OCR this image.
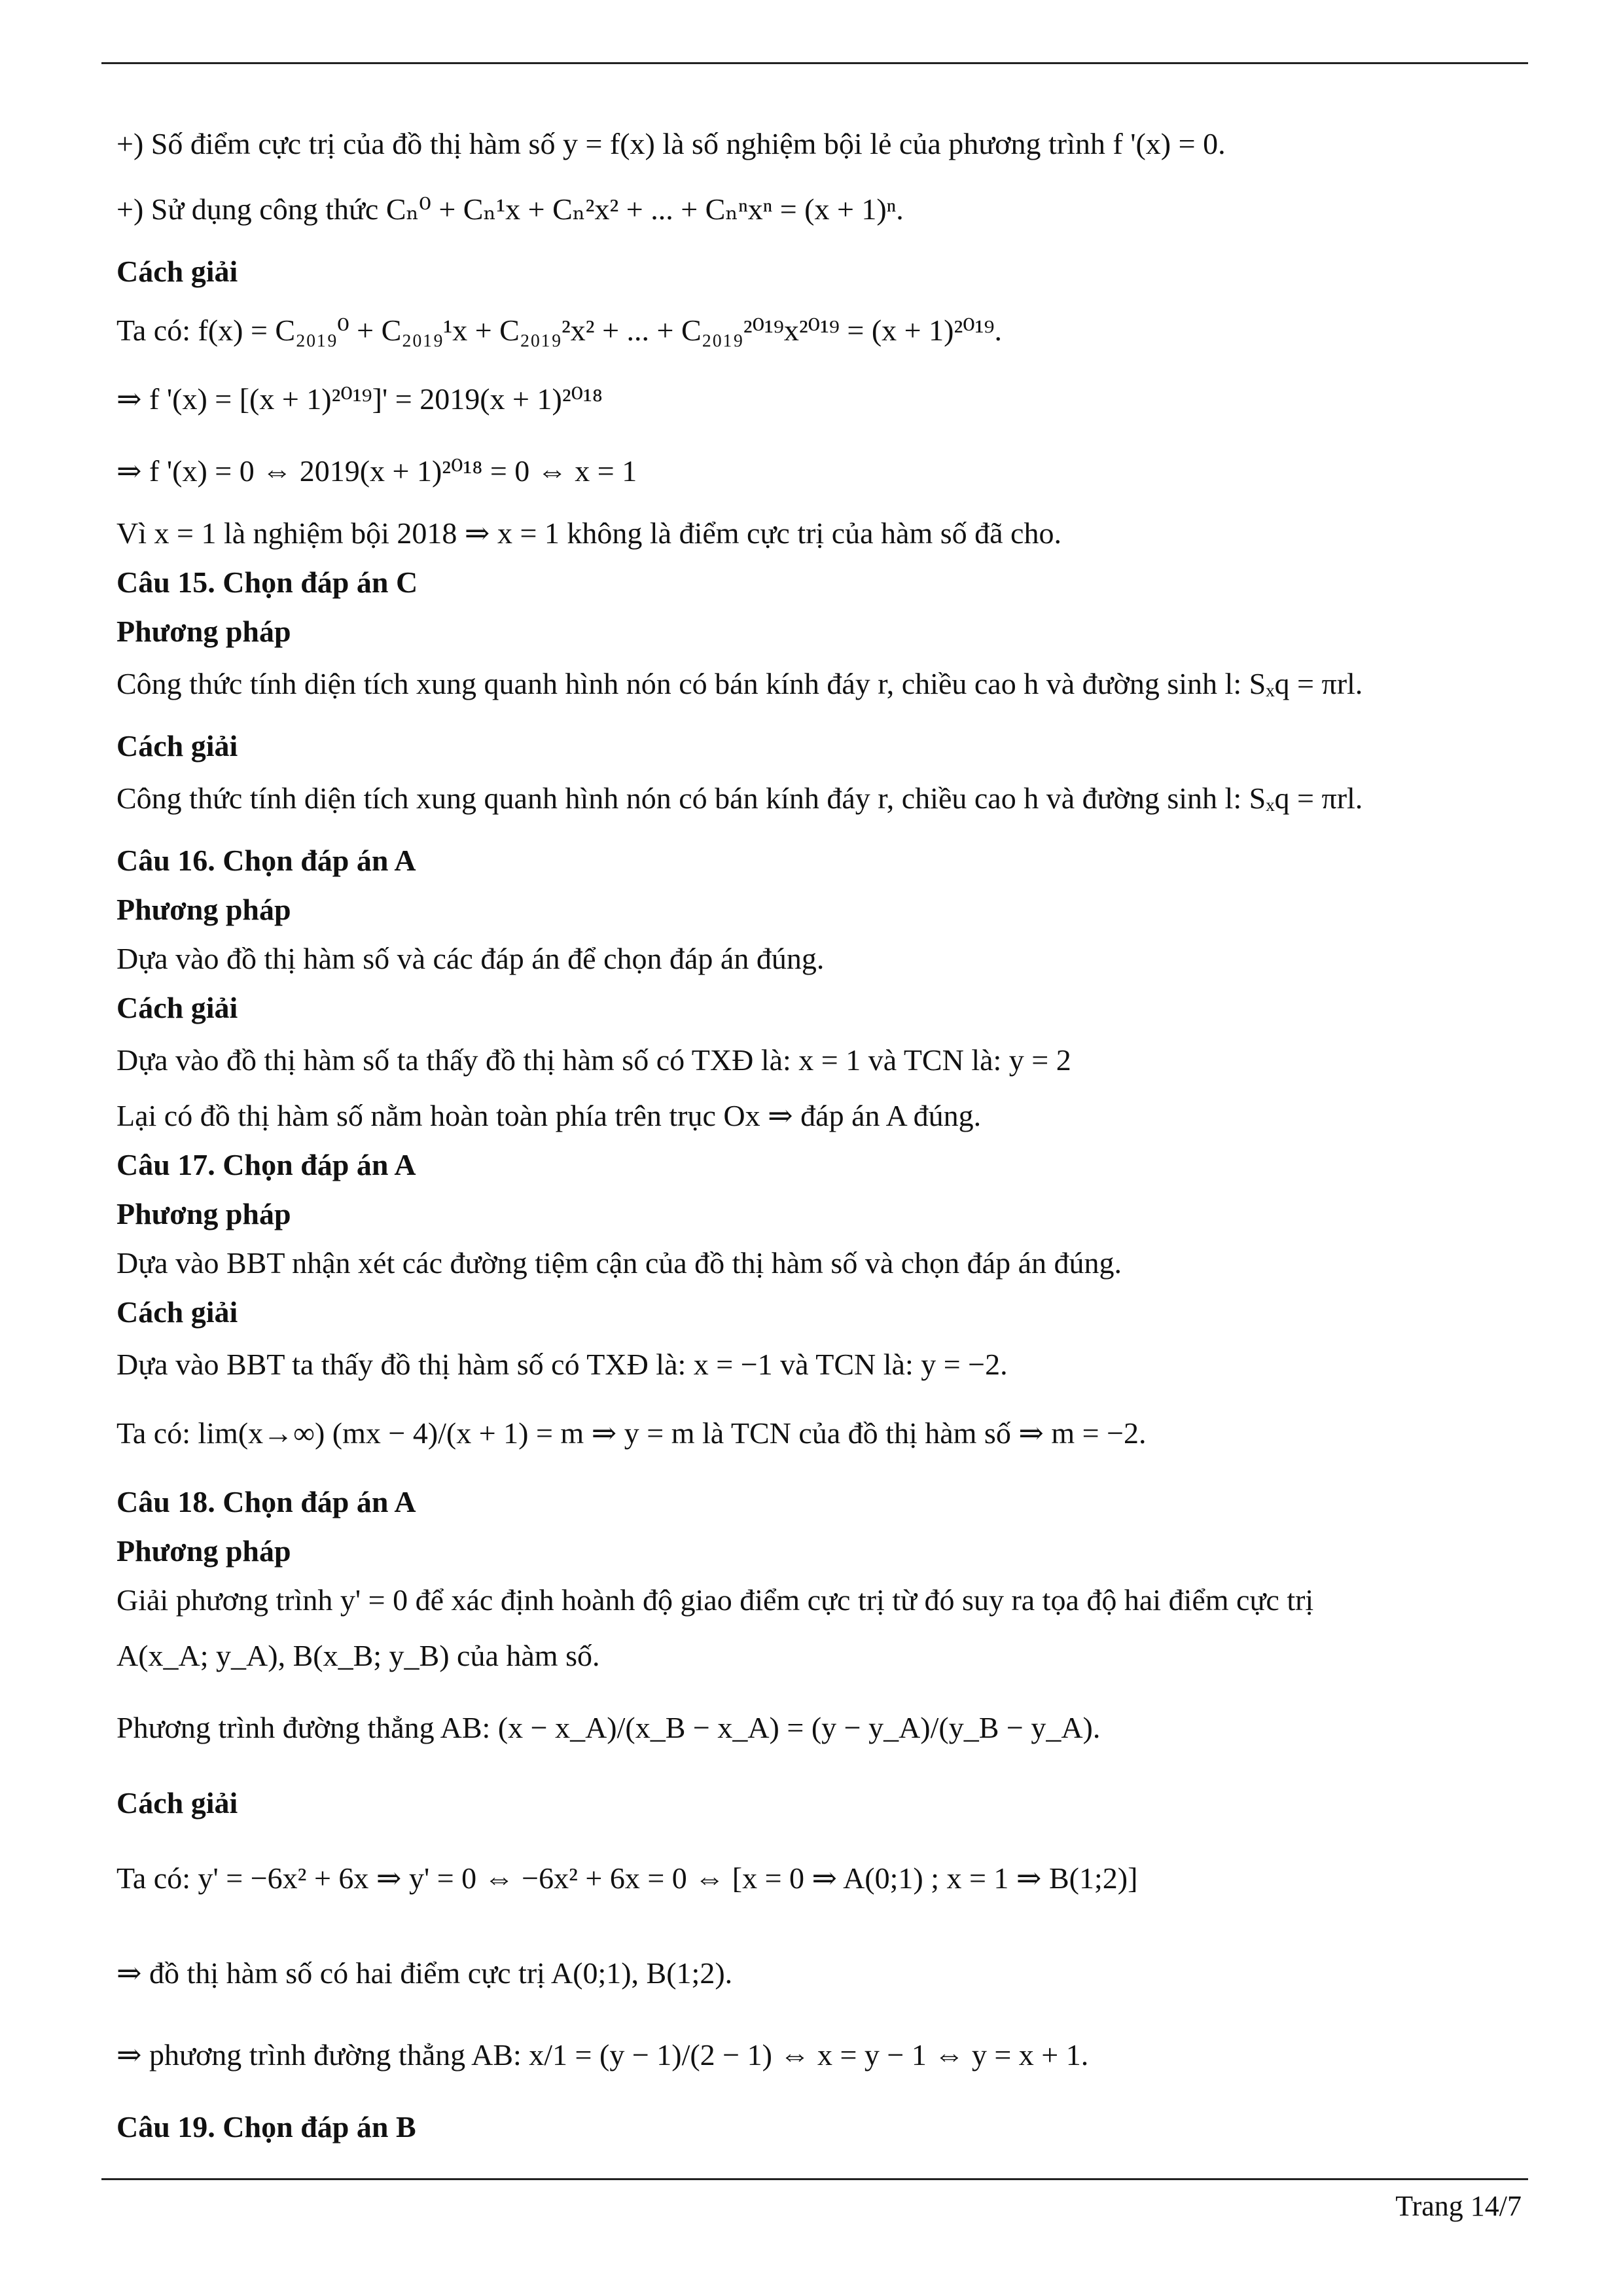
+) Số điểm cực trị của đồ thị hàm số y = f(x) là số nghiệm bội lẻ của phương trình f '(x) = 0.
+) Sử dụng công thức Cₙ⁰ + Cₙ¹x + Cₙ²x² + ... + Cₙⁿxⁿ = (x + 1)ⁿ.
Cách giải
Ta có: f(x) = C₂₀₁₉⁰ + C₂₀₁₉¹x + C₂₀₁₉²x² + ... + C₂₀₁₉²⁰¹⁹x²⁰¹⁹ = (x + 1)²⁰¹⁹.
⇒ f '(x) = [(x + 1)²⁰¹⁹]' = 2019(x + 1)²⁰¹⁸
⇒ f '(x) = 0 ⇔ 2019(x + 1)²⁰¹⁸ = 0 ⇔ x = 1
Vì x = 1 là nghiệm bội 2018 ⇒ x = 1 không là điểm cực trị của hàm số đã cho.
Câu 15. Chọn đáp án C
Phương pháp
Công thức tính diện tích xung quanh hình nón có bán kính đáy r, chiều cao h và đường sinh l: Sₓq = πrl.
Cách giải
Công thức tính diện tích xung quanh hình nón có bán kính đáy r, chiều cao h và đường sinh l: Sₓq = πrl.
Câu 16. Chọn đáp án A
Phương pháp
Dựa vào đồ thị hàm số và các đáp án để chọn đáp án đúng.
Cách giải
Dựa vào đồ thị hàm số ta thấy đồ thị hàm số có TXĐ là: x = 1 và TCN là: y = 2
Lại có đồ thị hàm số nằm hoàn toàn phía trên trục Ox ⇒ đáp án A đúng.
Câu 17. Chọn đáp án A
Phương pháp
Dựa vào BBT nhận xét các đường tiệm cận của đồ thị hàm số và chọn đáp án đúng.
Cách giải
Dựa vào BBT ta thấy đồ thị hàm số có TXĐ là: x = −1 và TCN là: y = −2.
Ta có: lim(x→∞) (mx − 4)/(x + 1) = m ⇒ y = m là TCN của đồ thị hàm số ⇒ m = −2.
Câu 18. Chọn đáp án A
Phương pháp
Giải phương trình y' = 0 để xác định hoành độ giao điểm cực trị từ đó suy ra tọa độ hai điểm cực trị
A(x_A; y_A), B(x_B; y_B) của hàm số.
Phương trình đường thẳng AB: (x − x_A)/(x_B − x_A) = (y − y_A)/(y_B − y_A).
Cách giải
Ta có: y' = −6x² + 6x ⇒ y' = 0 ⇔ −6x² + 6x = 0 ⇔ [x = 0 ⇒ A(0;1) ; x = 1 ⇒ B(1;2)]
⇒ đồ thị hàm số có hai điểm cực trị A(0;1), B(1;2).
⇒ phương trình đường thẳng AB: x/1 = (y − 1)/(2 − 1) ⇔ x = y − 1 ⇔ y = x + 1.
Câu 19. Chọn đáp án B
Trang 14/7
